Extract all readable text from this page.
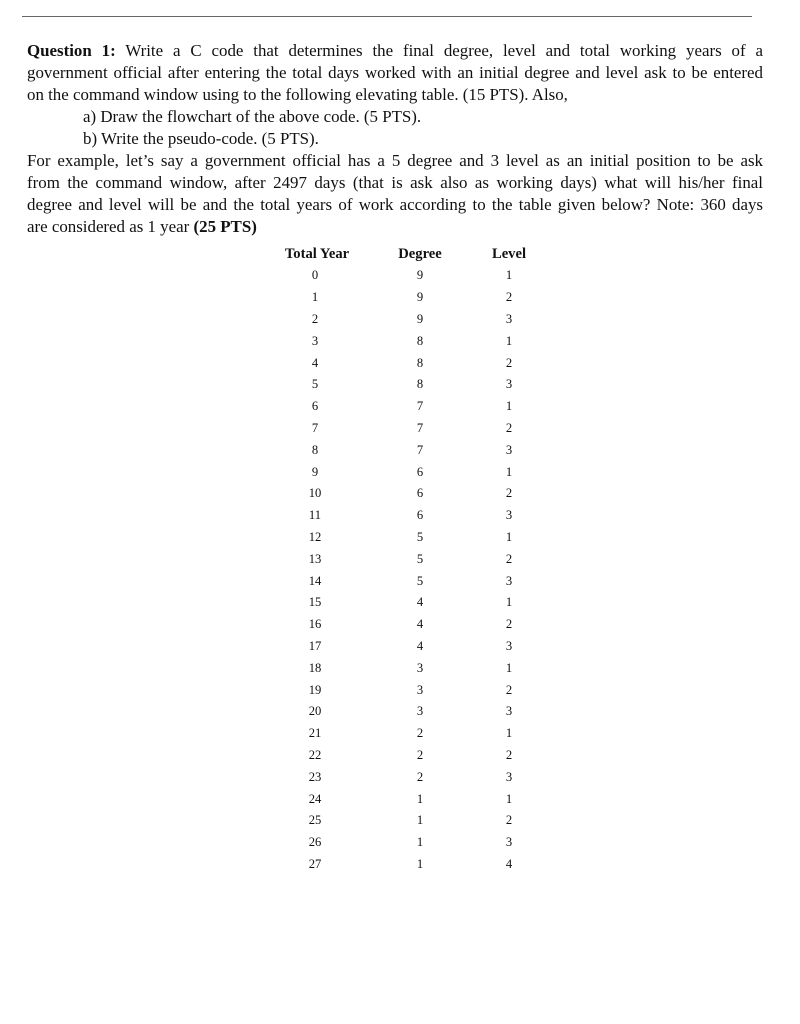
Question 1: Write a C code that determines the final degree, level and total working years of a
government official after entering the total days worked with an initial degree and level ask to be entered
on the command window using to the following elevating table. (15 PTS). Also,
a) Draw the flowchart of the above code. (5 PTS).
b) Write the pseudo-code. (5 PTS).
For example, let’s say a government official has a 5 degree and 3 level as an initial position to be ask
from the command window, after 2497 days (that is ask also as working days) what will his/her final
degree and level will be and the total years of work according to the table given below? Note: 360 days
are considered as 1 year (25 PTS)
Total Year	Degree	Level
0	9	1
1	9	2
2	9	3
3	8	1
4	8	2
5	8	3
6	7	1
7	7	2
8	7	3
9	6	1
10	6	2
11	6	3
12	5	1
13	5	2
14	5	3
15	4	1
16	4	2
17	4	3
18	3	1
19	3	2
20	3	3
21	2	1
22	2	2
23	2	3
24	1	1
25	1	2
26	1	3
27	1	4
